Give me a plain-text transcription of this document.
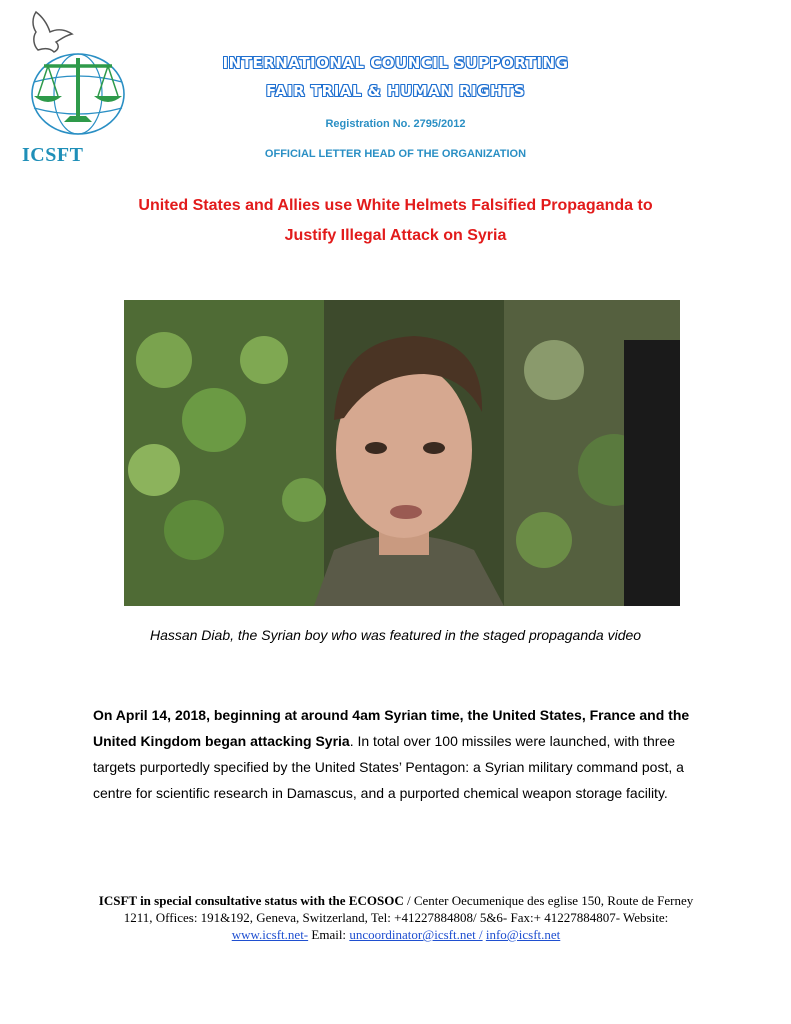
ICSFT
INTERNATIONAL COUNCIL SUPPORTING
FAIR TRIAL & HUMAN RIGHTS
Registration No. 2795/2012
OFFICIAL LETTER HEAD OF THE ORGANIZATION
United States and Allies use White Helmets Falsified Propaganda to
Justify Illegal Attack on Syria
Hassan Diab, the Syrian boy who was featured in the staged propaganda video
On April 14, 2018, beginning at around 4am Syrian time, the United States, France and the United Kingdom began attacking Syria. In total over 100 missiles were launched, with three targets purportedly specified by the United States’ Pentagon: a Syrian military command post, a centre for scientific research in Damascus, and a purported chemical weapon storage facility.
ICSFT in special consultative status with the ECOSOC / Center Oecumenique des eglise 150, Route de Ferney 1211, Offices: 191&192, Geneva, Switzerland, Tel: +41227884808/ 5&6- Fax:+ 41227884807- Website: www.icsft.net- Email: uncoordinator@icsft.net / info@icsft.net
